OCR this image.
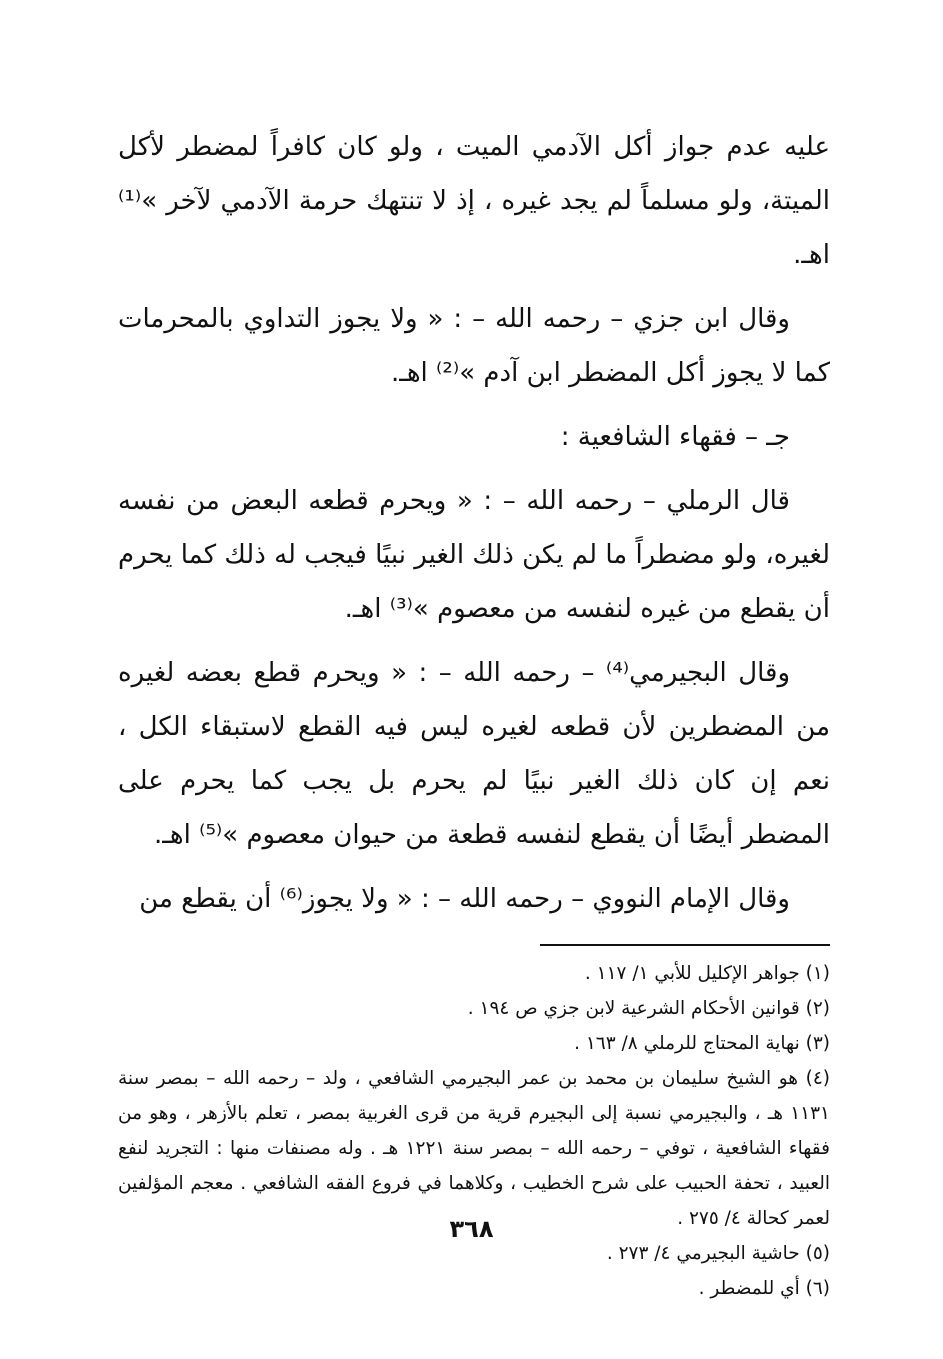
عليه عدم جواز أكل الآدمي الميت ، ولو كان كافراً لمضطر لأكل الميتة، ولو مسلماً لم يجد غيره ، إذ لا تنتهك حرمة الآدمي لآخر »⁽¹⁾اهـ.

وقال ابن جزي – رحمه الله – : « ولا يجوز التداوي بالمحرمات كما لا يجوز أكل المضطر ابن آدم »⁽²⁾ اهـ.

جـ – فقهاء الشافعية :

قال الرملي – رحمه الله – : « ويحرم قطعه البعض من نفسه لغيره، ولو مضطراً ما لم يكن ذلك الغير نبيًا فيجب له ذلك كما يحرم أن يقطع من غيره لنفسه من معصوم »⁽³⁾ اهـ.

وقال البجيرمي⁽⁴⁾ – رحمه الله – : « ويحرم قطع بعضه لغيره من المضطرين لأن قطعه لغيره ليس فيه القطع لاستبقاء الكل ، نعم إن كان ذلك الغير نبيًا لم يحرم بل يجب كما يحرم على المضطر أيضًا أن يقطع لنفسه قطعة من حيوان معصوم »⁽⁵⁾ اهـ.

وقال الإمام النووي – رحمه الله – : « ولا يجوز⁽⁶⁾ أن يقطع من

(١) جواهر الإكليل للأبي ١/ ١١٧ .

(٢) قوانين الأحكام الشرعية لابن جزي ص ١٩٤ .

(٣) نهاية المحتاج للرملي ٨/ ١٦٣ .

(٤) هو الشيخ سليمان بن محمد بن عمر البجيرمي الشافعي ، ولد – رحمه الله – بمصر سنة ١١٣١ هـ ، والبجيرمي نسبة إلى البجيرم قرية من قرى الغربية بمصر ، تعلم بالأزهر ، وهو من فقهاء الشافعية ، توفي – رحمه الله – بمصر سنة ١٢٢١ هـ . وله مصنفات منها : التجريد لنفع العبيد ، تحفة الحبيب على شرح الخطيب ، وكلاهما في فروع الفقه الشافعي . معجم المؤلفين لعمر كحالة ٤/ ٢٧٥ .

(٥) حاشية البجيرمي ٤/ ٢٧٣ .

(٦) أي للمضطر .

٣٦٨
